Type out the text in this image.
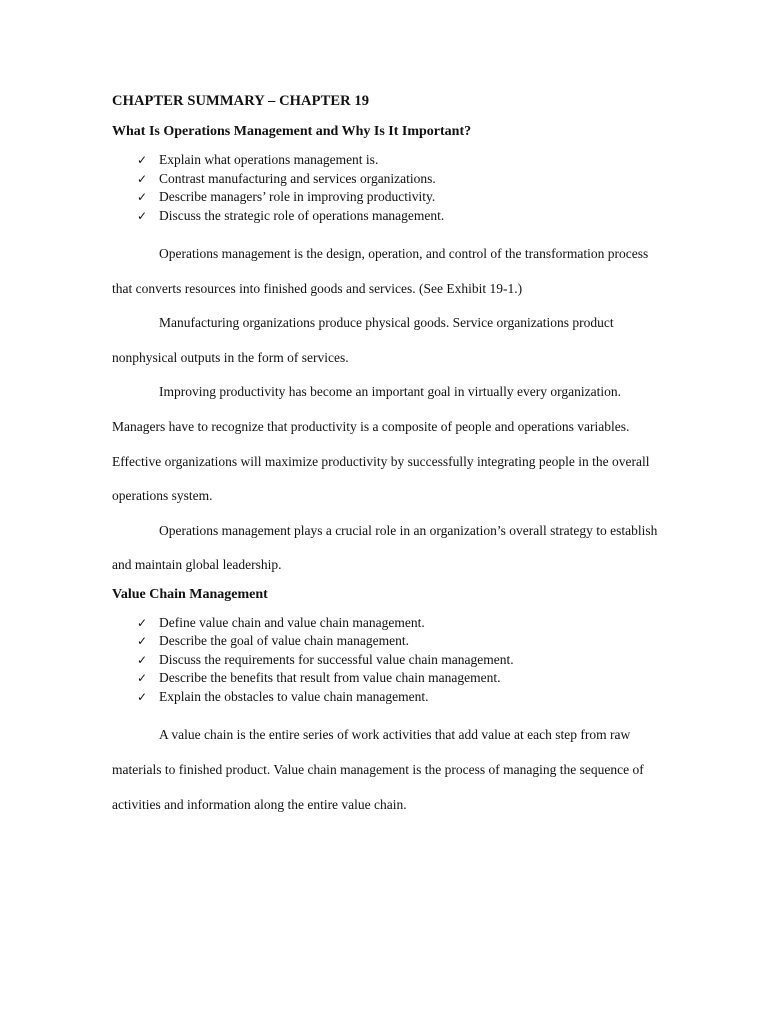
CHAPTER SUMMARY – CHAPTER 19
What Is Operations Management and Why Is It Important?
✓ Explain what operations management is.
✓ Contrast manufacturing and services organizations.
✓ Describe managers’ role in improving productivity.
✓ Discuss the strategic role of operations management.

Operations management is the design, operation, and control of the transformation process that converts resources into finished goods and services. (See Exhibit 19-1.)

Manufacturing organizations produce physical goods. Service organizations product nonphysical outputs in the form of services.

Improving productivity has become an important goal in virtually every organization. Managers have to recognize that productivity is a composite of people and operations variables. Effective organizations will maximize productivity by successfully integrating people in the overall operations system.

Operations management plays a crucial role in an organization’s overall strategy to establish and maintain global leadership.

Value Chain Management
✓ Define value chain and value chain management.
✓ Describe the goal of value chain management.
✓ Discuss the requirements for successful value chain management.
✓ Describe the benefits that result from value chain management.
✓ Explain the obstacles to value chain management.

A value chain is the entire series of work activities that add value at each step from raw materials to finished product. Value chain management is the process of managing the sequence of activities and information along the entire value chain.
